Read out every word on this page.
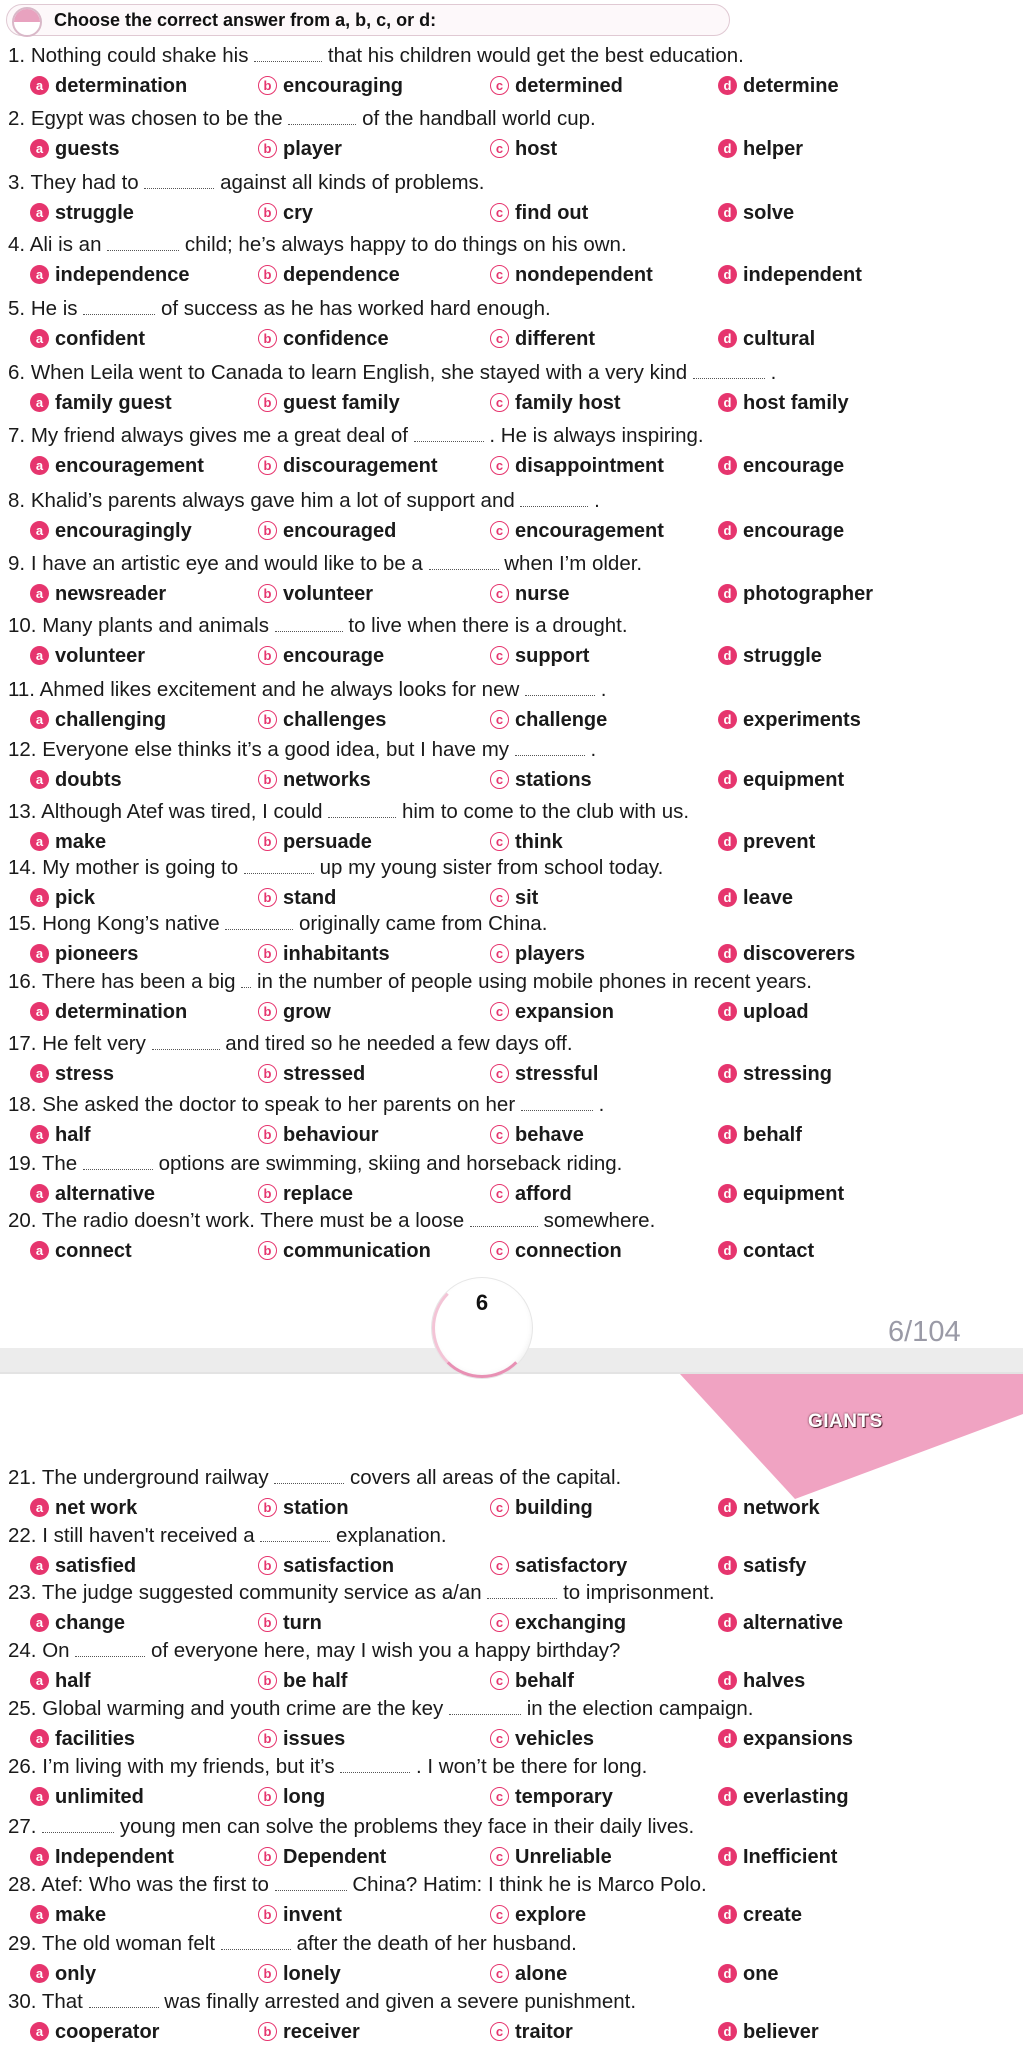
GIANTS
Choose the correct answer from a, b, c, or d:
1. Nothing could shake his	that his children would get the best education.
a determination	b encouraging	c determined	d determine
2. Egypt was chosen to be the	of the handball world cup.
a guests	b player	c host	d helper
3. They had to	against all kinds of problems.
a struggle	b cry	c find out	d solve
4. Ali is an	child; he’s always happy to do things on his own.
a independence	b dependence	c nondependent	d independent
5. He is	of success as he has worked hard enough.
a confident	b confidence	c different	d cultural
6. When Leila went to Canada to learn English, she stayed with a very kind	.
a family guest	b guest family	c family host	d host family
7. My friend always gives me a great deal of	. He is always inspiring.
a encouragement	b discouragement	c disappointment	d encourage
8. Khalid’s parents always gave him a lot of support and	.
a encouragingly	b encouraged	c encouragement	d encourage
9. I have an artistic eye and would like to be a	when I’m older.
a newsreader	b volunteer	c nurse	d photographer
10. Many plants and animals	to live when there is a drought.
a volunteer	b encourage	c support	d struggle
11. Ahmed likes excitement and he always looks for new	.
a challenging	b challenges	c challenge	d experiments
12. Everyone else thinks it’s a good idea, but I have my	.
a doubts	b networks	c stations	d equipment
13. Although Atef was tired, I could	him to come to the club with us.
a make	b persuade	c think	d prevent
14. My mother is going to	up my young sister from school today.
a pick	b stand	c sit	d leave
15. Hong Kong’s native	originally came from China.
a pioneers	b inhabitants	c players	d discoverers
16. There has been a big in the number of people using mobile phones in recent years.
a determination	b grow	c expansion	d upload
17. He felt very	and tired so he needed a few days off.
a stress	b stressed	c stressful	d stressing
18. She asked the doctor to speak to her parents on her	.
a half	b behaviour	c behave	d behalf
19. The	options are swimming, skiing and horseback riding.
a alternative	b replace	c afford	d equipment
20. The radio doesn’t work. There must be a loose	somewhere.
a connect	b communication	c connection	d contact
21. The underground railway	covers all areas of the capital.
a net work	b station	c building	d network
22. I still haven't received a	explanation.
a satisfied	b satisfaction	c satisfactory	d satisfy
23. The judge suggested community service as a/an	to imprisonment.
a change	b turn	c exchanging	d alternative
24. On	of everyone here, may I wish you a happy birthday?
a half	b be half	c behalf	d halves
25. Global warming and youth crime are the key	in the election campaign.
a facilities	b issues	c vehicles	d expansions
26. I’m living with my friends, but it’s	. I won’t be there for long.
a unlimited	b long	c temporary	d everlasting
27.	young men can solve the problems they face in their daily lives.
a Independent	b Dependent	c Unreliable	d Inefficient
28. Atef: Who was the first to	China? Hatim: I think he is Marco Polo.
a make	b invent	c explore	d create
29. The old woman felt	after the death of her husband.
a only	b lonely	c alone	d one
30. That	was finally arrested and given a severe punishment.
a cooperator	b receiver	c traitor	d believer
6
6/104
